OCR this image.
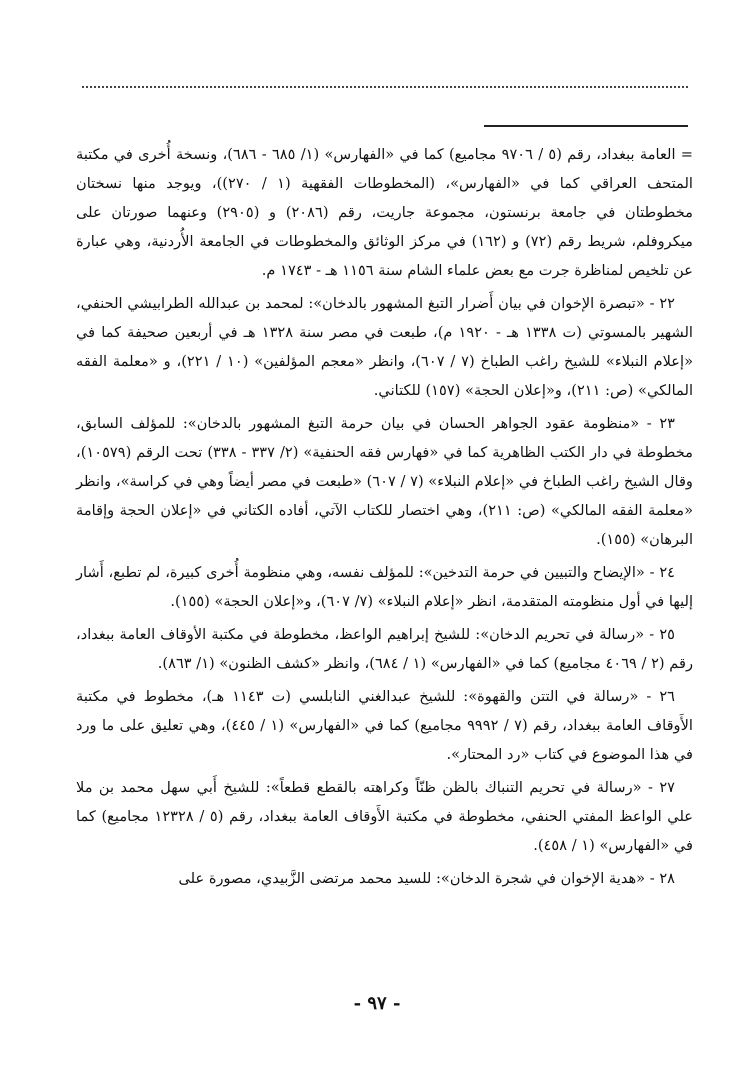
= العامة ببغداد، رقم (٥ / ٩٧٠٦ مجاميع) كما في «الفهارس» (١/ ٦٨٥ - ٦٨٦)، ونسخة أُخرى في مكتبة المتحف العراقي كما في «الفهارس»، (المخطوطات الفقهية (١ / ٢٧٠))، ويوجد منها نسختان مخطوطتان في جامعة برنستون، مجموعة جاريت، رقم (٢٠٨٦) و (٢٩٠٥) وعنهما صورتان على ميكروفلم، شريط رقم (٧٢) و (١٦٢) في مركز الوثائق والمخطوطات في الجامعة الأُردنية، وهي عبارة عن تلخيص لمناظرة جرت مع بعض علماء الشام سنة ١١٥٦ هـ - ١٧٤٣ م.

٢٢ - «تبصرة الإخوان في بيان أَضرار التبغ المشهور بالدخان»: لمحمد بن عبدالله الطرابيشي الحنفي، الشهير بالمسوتي (ت ١٣٣٨ هـ - ١٩٢٠ م)، طبعت في مصر سنة ١٣٢٨ هـ في أربعين صحيفة كما في «إعلام النبلاء» للشيخ راغب الطباخ (٧ / ٦٠٧)، وانظر «معجم المؤلفين» (١٠ / ٢٢١)، و «معلمة الفقه المالكي» (ص: ٢١١)، و«إعلان الحجة» (١٥٧) للكتاني.

٢٣ - «منظومة عقود الجواهر الحسان في بيان حرمة التبغ المشهور بالدخان»: للمؤلف السابق، مخطوطة في دار الكتب الظاهرية كما في «فهارس فقه الحنفية» (٢/ ٣٣٧ - ٣٣٨) تحت الرقم (١٠٥٧٩)، وقال الشيخ راغب الطباخ في «إعلام النبلاء» (٧ / ٦٠٧) «طبعت في مصر أيضاً وهي في كراسة»، وانظر «معلمة الفقه المالكي» (ص: ٢١١)، وهي اختصار للكتاب الآتي، أفاده الكتاني في «إعلان الحجة وإقامة البرهان» (١٥٥).

٢٤ - «الإيضاح والتبيين في حرمة التدخين»: للمؤلف نفسه، وهي منظومة أُخرى كبيرة، لم تطبع، أَشار إليها في أول منظومته المتقدمة، انظر «إعلام النبلاء» (٧/ ٦٠٧)، و«إعلان الحجة» (١٥٥).

٢٥ - «رسالة في تحريم الدخان»: للشيخ إبراهيم الواعظ، مخطوطة في مكتبة الأوقاف العامة ببغداد، رقم (٢ / ٤٠٦٩ مجاميع) كما في «الفهارس» (١ / ٦٨٤)، وانظر «كشف الظنون» (١/ ٨٦٣).

٢٦ - «رسالة في التتن والقهوة»: للشيخ عبدالغني النابلسي (ت ١١٤٣ هـ)، مخطوط في مكتبة الأَوقاف العامة ببغداد، رقم (٧ / ٩٩٩٢ مجاميع) كما في «الفهارس» (١ / ٤٤٥)، وهي تعليق على ما ورد في هذا الموضوع في كتاب «رد المحتار».

٢٧ - «رسالة في تحريم التنباك بالظن ظنّاً وكراهته بالقطع قطعاً»: للشيخ أَبي سهل محمد بن ملا علي الواعظ المفتي الحنفي، مخطوطة في مكتبة الأَوقاف العامة ببغداد، رقم (٥ / ١٢٣٢٨ مجاميع) كما في «الفهارس» (١ / ٤٥٨).

٢٨ - «هدية الإخوان في شجرة الدخان»: للسيد محمد مرتضى الزَّبيدي، مصورة على

- ٩٧ -
